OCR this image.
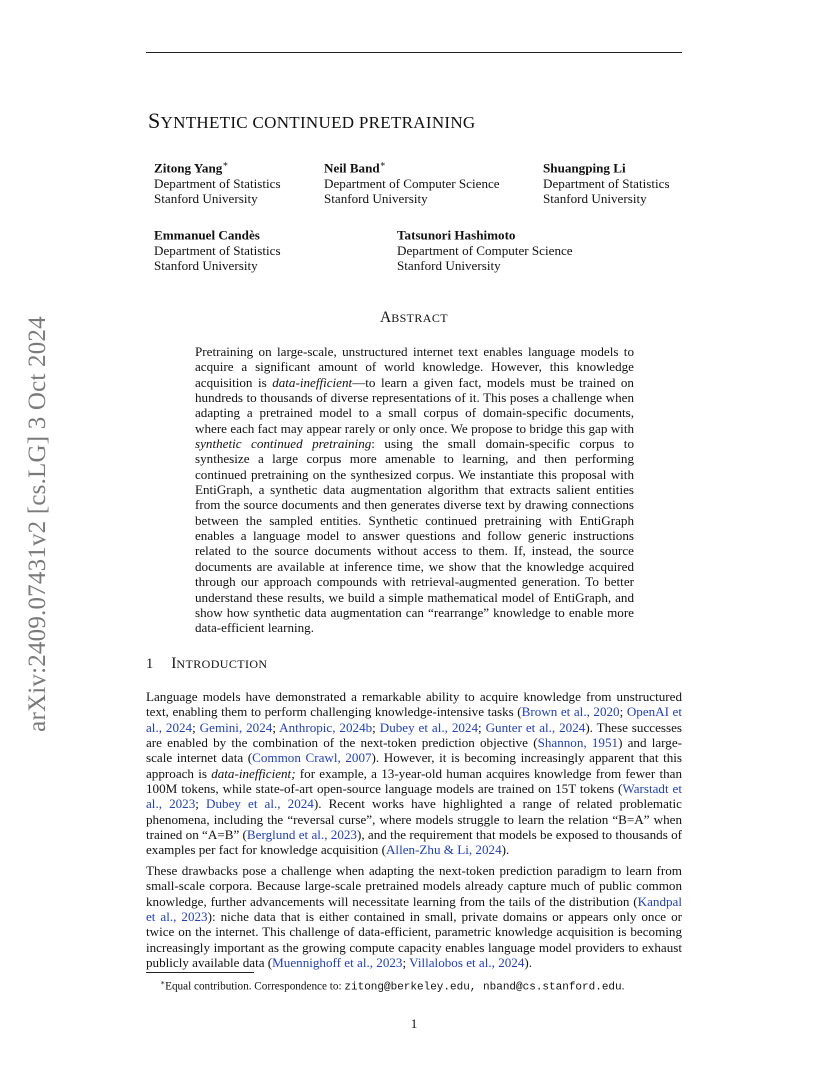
arXiv:2409.07431v2 [cs.LG] 3 Oct 2024
SYNTHETIC CONTINUED PRETRAINING
Zitong Yang∗
Department of Statistics
Stanford University
Neil Band∗
Department of Computer Science
Stanford University
Shuangping Li
Department of Statistics
Stanford University
Emmanuel Candès
Department of Statistics
Stanford University
Tatsunori Hashimoto
Department of Computer Science
Stanford University
ABSTRACT
Pretraining on large-scale, unstructured internet text enables language models to acquire a significant amount of world knowledge. However, this knowledge acquisition is data-inefficient—to learn a given fact, models must be trained on hundreds to thousands of diverse representations of it. This poses a challenge when adapting a pretrained model to a small corpus of domain-specific documents, where each fact may appear rarely or only once. We propose to bridge this gap with synthetic continued pretraining: using the small domain-specific corpus to synthesize a large corpus more amenable to learning, and then performing continued pretraining on the synthesized corpus. We instantiate this proposal with EntiGraph, a synthetic data augmentation algorithm that extracts salient entities from the source documents and then generates diverse text by drawing connections between the sampled entities. Synthetic continued pretraining with EntiGraph enables a language model to answer questions and follow generic instructions related to the source documents without access to them. If, instead, the source documents are available at inference time, we show that the knowledge acquired through our approach compounds with retrieval-augmented generation. To better understand these results, we build a simple mathematical model of EntiGraph, and show how synthetic data augmentation can “rearrange” knowledge to enable more data-efficient learning.
1 INTRODUCTION
Language models have demonstrated a remarkable ability to acquire knowledge from unstructured text, enabling them to perform challenging knowledge-intensive tasks (Brown et al., 2020; OpenAI et al., 2024; Gemini, 2024; Anthropic, 2024b; Dubey et al., 2024; Gunter et al., 2024). These successes are enabled by the combination of the next-token prediction objective (Shannon, 1951) and large-scale internet data (Common Crawl, 2007). However, it is becoming increasingly apparent that this approach is data-inefficient; for example, a 13-year-old human acquires knowledge from fewer than 100M tokens, while state-of-art open-source language models are trained on 15T tokens (Warstadt et al., 2023; Dubey et al., 2024). Recent works have highlighted a range of related problematic phenomena, including the “reversal curse”, where models struggle to learn the relation “B=A” when trained on “A=B” (Berglund et al., 2023), and the requirement that models be exposed to thousands of examples per fact for knowledge acquisition (Allen-Zhu & Li, 2024).
These drawbacks pose a challenge when adapting the next-token prediction paradigm to learn from small-scale corpora. Because large-scale pretrained models already capture much of public common knowledge, further advancements will necessitate learning from the tails of the distribution (Kandpal et al., 2023): niche data that is either contained in small, private domains or appears only once or twice on the internet. This challenge of data-efficient, parametric knowledge acquisition is becoming increasingly important as the growing compute capacity enables language model providers to exhaust publicly available data (Muennighoff et al., 2023; Villalobos et al., 2024).
∗Equal contribution. Correspondence to: zitong@berkeley.edu, nband@cs.stanford.edu.
1
